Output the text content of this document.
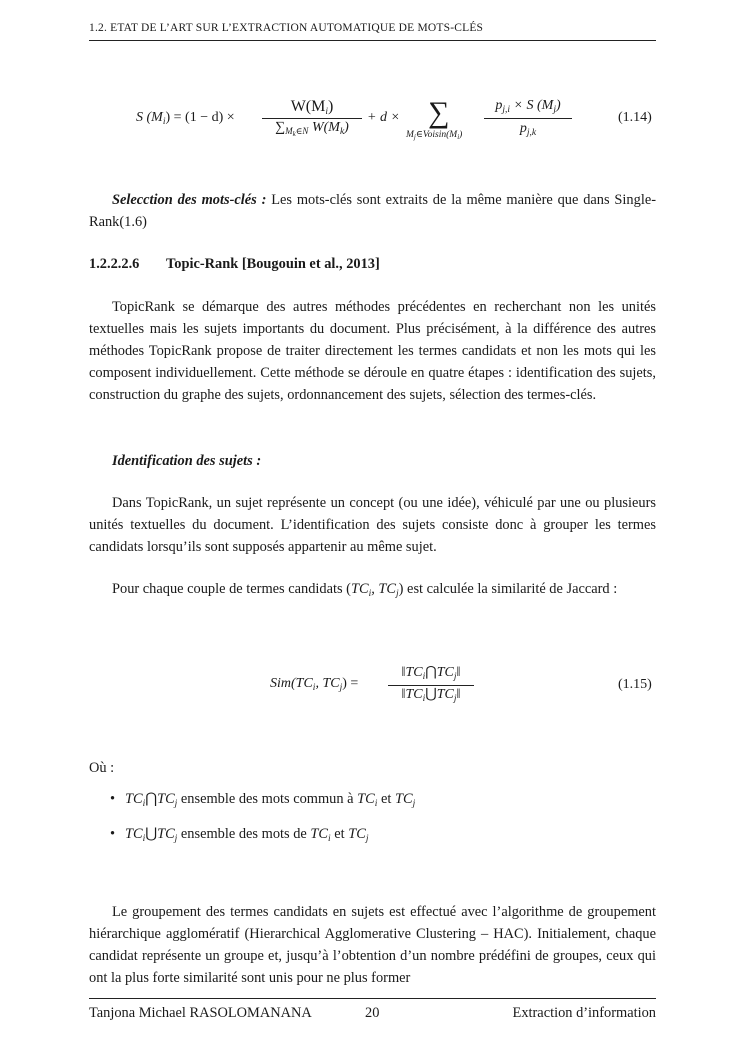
1.2. ETAT DE L’ART SUR L’EXTRACTION AUTOMATIQUE DE MOTS-CLÉS
S $(M_i) = (1 - d)$ ×
W(Mi)
$\sum_{Mk\in N}$ $W(M_k)$
+ d × ∑
$M_j\in Voisin(M_i)$
$p_{j,i} \times S$ $(M_j)$
$p_{j,k}$
(1.14)
Selecction des mots-clés : Les mots-clés sont extraits de la même manière que dans Single-Rank(1.6)
1.2.2.2.6 Topic-Rank [Bougouin et al., 2013]
TopicRank se démarque des autres méthodes précédentes en recherchant non les unités textuelles mais les sujets importants du document. Plus précisément, à la différence des autres méthodes TopicRank propose de traiter directement les termes candidats et non les mots qui les composent individuellement. Cette méthode se déroule en quatre étapes : identification des sujets, construction du graphe des sujets, ordonnancement des sujets, sélection des termes-clés.
Identification des sujets :
Dans TopicRank, un sujet représente un concept (ou une idée), véhiculé par une ou plusieurs unités textuelles du document. L’identification des sujets consiste donc à grouper les termes candidats lorsqu’ils sont supposés appartenir au même sujet.
Pour chaque couple de termes candidats ($TC_i$, $TC_j$) est calculée la similarité de Jaccard :
$Sim(TC_i$, $TC_j$) =
$‖TC_i⋂TC_j‖$
$‖TC_i⋃TC_j‖$
(1.15)
Où :
• $TC_i⋂TC_j$ ensemble des mots commun à $TC_i$ et $TC_j$
• $TC_i⋃TC_j$ ensemble des mots de $TC_i$ et $TC_j$
Le groupement des termes candidats en sujets est effectué avec l’algorithme de groupement hiérarchique agglomératif (Hierarchical Agglomerative Clustering – HAC). Initialement, chaque candidat représente un groupe et, jusqu’à l’obtention d’un nombre prédéfini de groupes, ceux qui ont la plus forte similarité sont unis pour ne plus former
Tanjona Michael RASOLOMANANA	20	Extraction d’information
